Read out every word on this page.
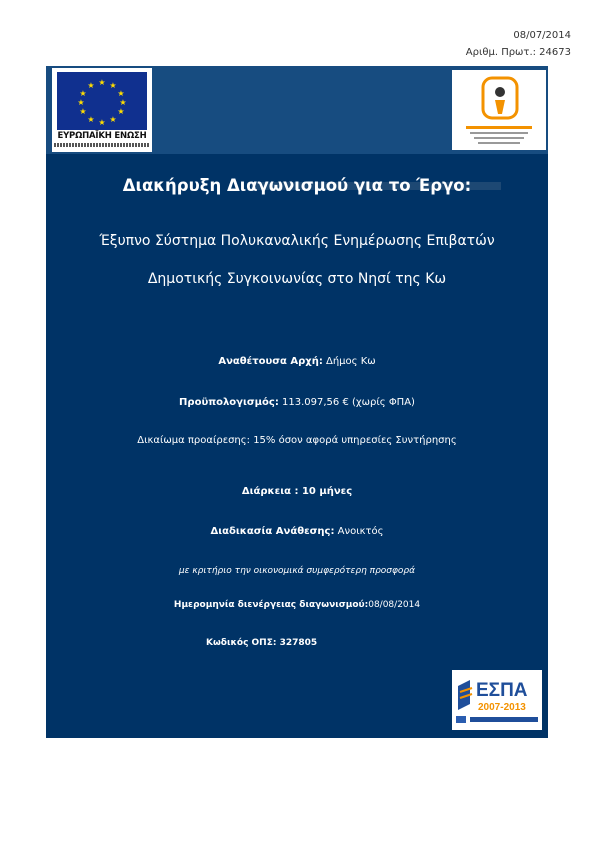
08/07/2014
Αριθμ. Πρωτ.: 24673
★ ★
★
★
★
★
★
★
★
★
★
★
ΕΥΡΩΠΑΪΚΗ ΕΝΩΣΗ
Διακήρυξη Διαγωνισμού για το Έργο:
Έξυπνο Σύστημα Πολυκαναλικής Ενημέρωσης Επιβατών
Δημοτικής Συγκοινωνίας στο Νησί της Κω
Αναθέτουσα Αρχή: Δήμος Κω
Προϋπολογισμός: 113.097,56 € (χωρίς ΦΠΑ)
Δικαίωμα προαίρεσης: 15% όσον αφορά υπηρεσίες Συντήρησης
Διάρκεια : 10 μήνες
Διαδικασία Ανάθεσης: Ανοικτός
με κριτήριο την οικονομικά συμφερότερη προσφορά
Ημερομηνία διενέργειας διαγωνισμού:08/08/2014
Κωδικός ΟΠΣ: 327805
ΕΣΠΑ
2007-2013
